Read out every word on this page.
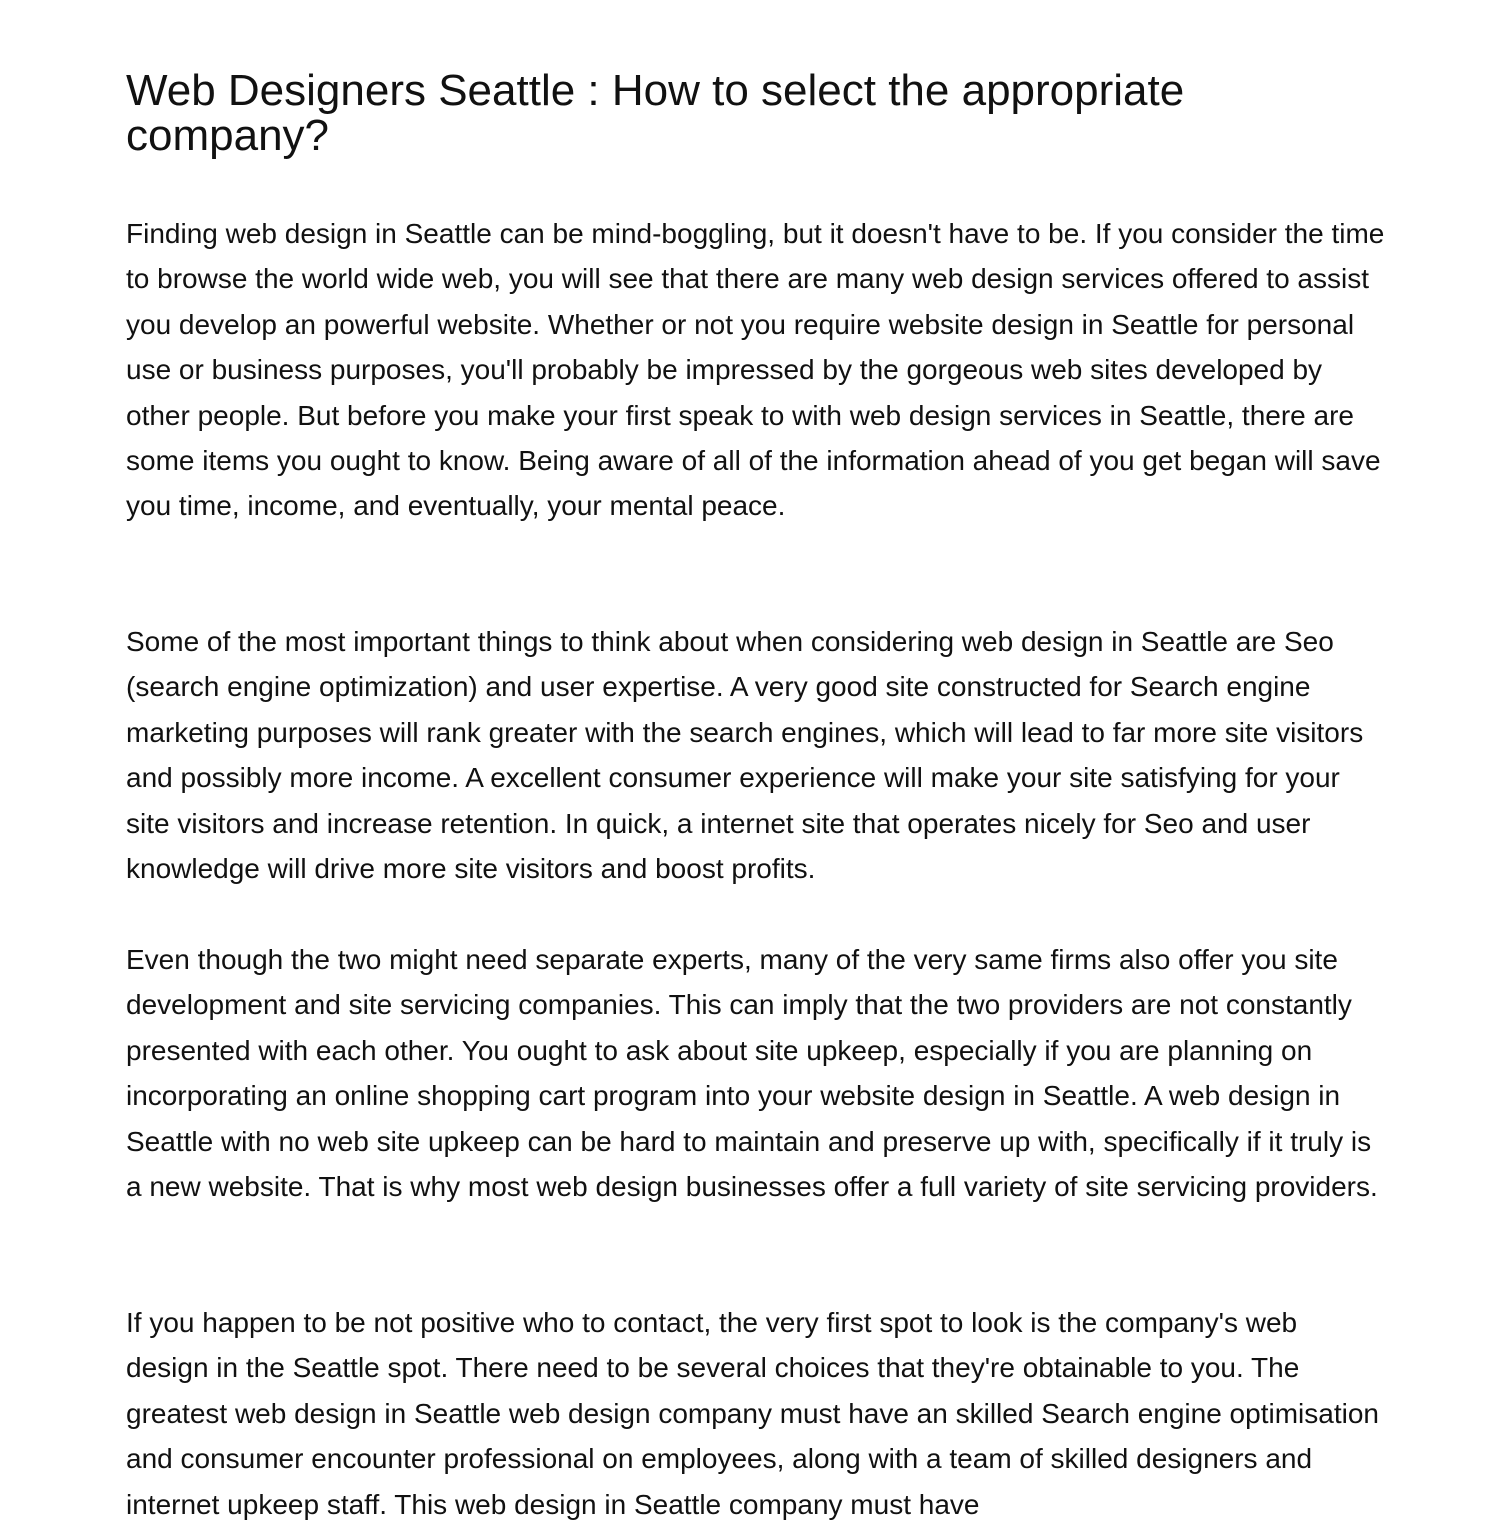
Web Designers Seattle : How to select the appropriate company?

Finding web design in Seattle can be mind-boggling, but it doesn't have to be. If you consider the time to browse the world wide web, you will see that there are many web design services offered to assist you develop an powerful website. Whether or not you require website design in Seattle for personal use or business purposes, you'll probably be impressed by the gorgeous web sites developed by other people. But before you make your first speak to with web design services in Seattle, there are some items you ought to know. Being aware of all of the information ahead of you get began will save you time, income, and eventually, your mental peace.

Some of the most important things to think about when considering web design in Seattle are Seo (search engine optimization) and user expertise. A very good site constructed for Search engine marketing purposes will rank greater with the search engines, which will lead to far more site visitors and possibly more income. A excellent consumer experience will make your site satisfying for your site visitors and increase retention. In quick, a internet site that operates nicely for Seo and user knowledge will drive more site visitors and boost profits.

Even though the two might need separate experts, many of the very same firms also offer you site development and site servicing companies. This can imply that the two providers are not constantly presented with each other. You ought to ask about site upkeep, especially if you are planning on incorporating an online shopping cart program into your website design in Seattle. A web design in Seattle with no web site upkeep can be hard to maintain and preserve up with, specifically if it truly is a new website. That is why most web design businesses offer a full variety of site servicing providers.

If you happen to be not positive who to contact, the very first spot to look is the company's web design in the Seattle spot. There need to be several choices that they're obtainable to you. The greatest web design in Seattle web design company must have an skilled Search engine optimisation and consumer encounter professional on employees, along with a team of skilled designers and internet upkeep staff. This web design in Seattle company must have
